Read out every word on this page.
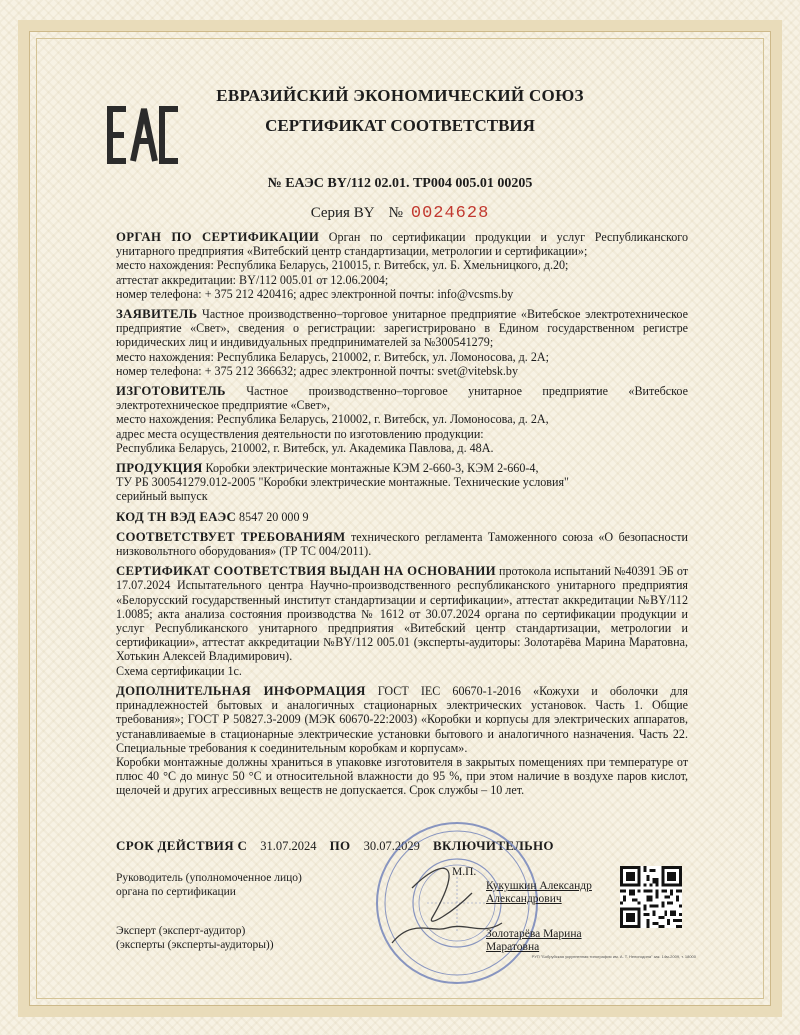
ЕВРАЗИЙСКИЙ ЭКОНОМИЧЕСКИЙ СОЮЗ
СЕРТИФИКАТ СООТВЕТСТВИЯ
№ ЕАЭС BY/112 02.01. ТР004 005.01 00205
Серия BY № 0024628

ОРГАН ПО СЕРТИФИКАЦИИ Орган по сертификации продукции и услуг Республиканского унитарного предприятия «Витебский центр стандартизации, метрологии и сертификации»;

место нахождения: Республика Беларусь, 210015, г. Витебск, ул. Б. Хмельницкого, д.20;

аттестат аккредитации: BY/112 005.01 от 12.06.2004;

номер телефона: + 375 212 420416; адрес электронной почты: info@vcsms.by

ЗАЯВИТЕЛЬ Частное производственно–торговое унитарное предприятие «Витебское электротехническое предприятие «Свет», сведения о регистрации: зарегистрировано в Едином государственном регистре юридических лиц и индивидуальных предпринимателей за №300541279;

место нахождения: Республика Беларусь, 210002, г. Витебск, ул. Ломоносова, д. 2А;

номер телефона: + 375 212 366632; адрес электронной почты: svet@vitebsk.by

ИЗГОТОВИТЕЛЬ Частное производственно–торговое унитарное предприятие «Витебское электротехническое предприятие «Свет»,

место нахождения: Республика Беларусь, 210002, г. Витебск, ул. Ломоносова, д. 2А,

адрес места осуществления деятельности по изготовлению продукции:

Республика Беларусь, 210002, г. Витебск, ул. Академика Павлова, д. 48А.

ПРОДУКЦИЯ Коробки электрические монтажные КЭМ 2-660-3, КЭМ 2-660-4,

ТУ РБ 300541279.012-2005 "Коробки электрические монтажные. Технические условия"

серийный выпуск

КОД ТН ВЭД ЕАЭС 8547 20 000 9

СООТВЕТСТВУЕТ ТРЕБОВАНИЯМ технического регламента Таможенного союза «О безопасности низковольтного оборудования» (ТР ТС 004/2011).

СЕРТИФИКАТ СООТВЕТСТВИЯ ВЫДАН НА ОСНОВАНИИ протокола испытаний №40391 ЭБ от 17.07.2024 Испытательного центра Научно-производственного республиканского унитарного предприятия «Белорусский государственный институт стандартизации и сертификации», аттестат аккредитации №BY/112 1.0085; акта анализа состояния производства № 1612 от 30.07.2024 органа по сертификации продукции и услуг Республиканского унитарного предприятия «Витебский центр стандартизации, метрологии и сертификации», аттестат аккредитации №BY/112 005.01 (эксперты-аудиторы: Золотарёва Марина Маратовна, Хотькин Алексей Владимирович).

Схема сертификации 1с.

ДОПОЛНИТЕЛЬНАЯ ИНФОРМАЦИЯ ГОСТ IEC 60670-1-2016 «Кожухи и оболочки для принадлежностей бытовых и аналогичных стационарных электрических установок. Часть 1. Общие требования»; ГОСТ Р 50827.3-2009 (МЭК 60670-22:2003) «Коробки и корпусы для электрических аппаратов, устанавливаемые в стационарные электрические установки бытового и аналогичного назначения. Часть 22. Специальные требования к соединительным коробкам и корпусам».

Коробки монтажные должны храниться в упаковке изготовителя в закрытых помещениях при температуре от плюс 40 °С до минус 50 °С и относительной влажности до 95 %, при этом наличие в воздухе паров кислот, щелочей и других агрессивных веществ не допускается. Срок службы – 10 лет.

СРОК ДЕЙСТВИЯ С 31.07.2024 ПО 30.07.2029 ВКЛЮЧИТЕЛЬНО
Руководитель (уполномоченное лицо)
органа по сертификации
М.П.
Кукушкин Александр
Александрович
Эксперт (эксперт-аудитор)
(эксперты (эксперты-аудиторы))
Золотарёва Марина
Маратовна
РУП "Бобруйская укрупненная типография им. А. Т. Непогодина" зак. 14м-2009, т. 18000
